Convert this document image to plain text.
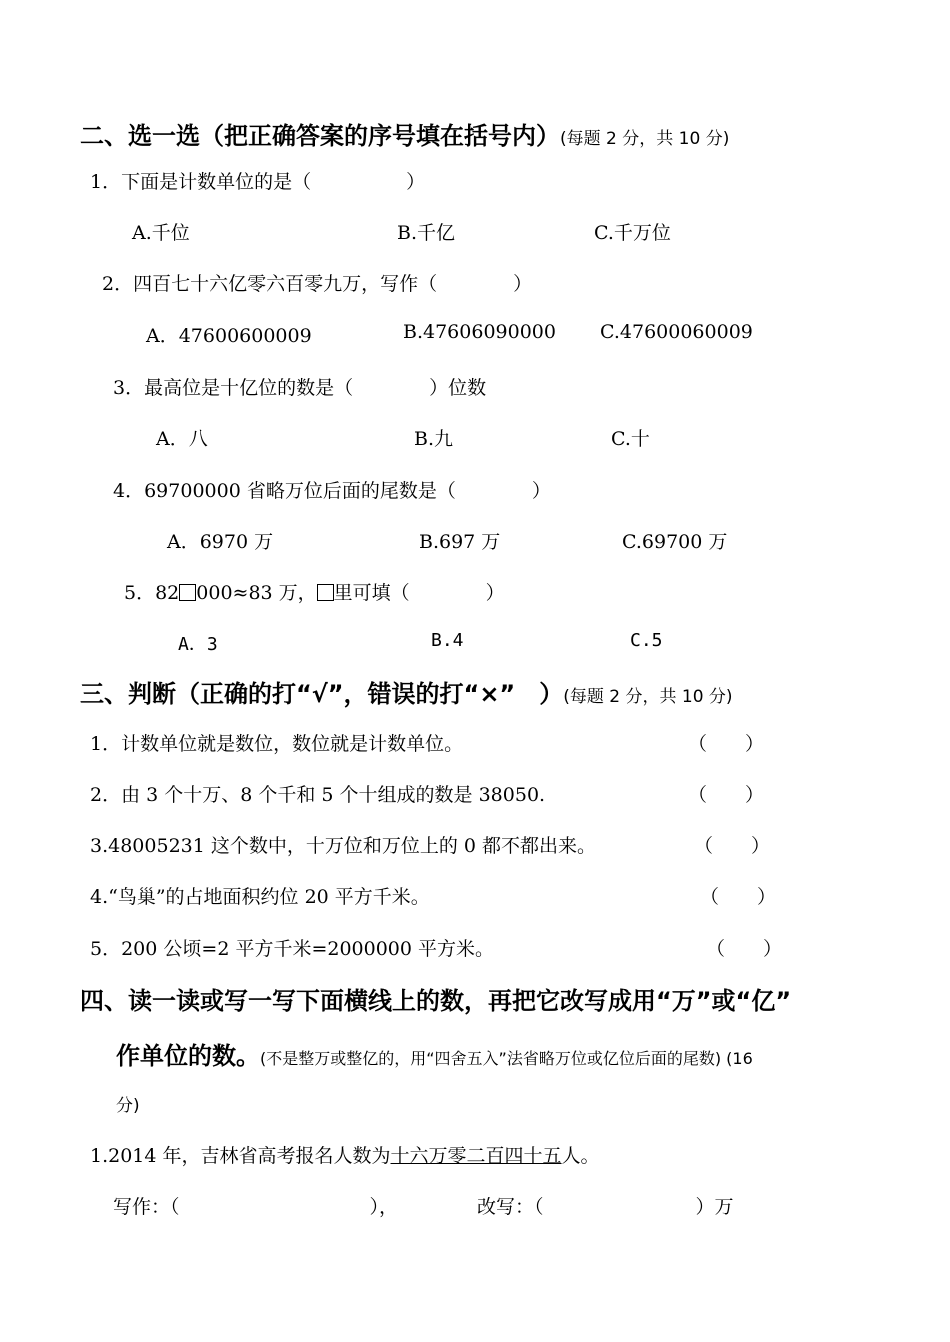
二、选一选（把正确答案的序号填在括号内）(每题 2 分，共 10 分)
1．下面是计数单位的是（　　　　　）
A.千位	B.千亿	C.千万位
2．四百七十六亿零六百零九万，写作（　　　　）
A．47600600009	B.47606090000 C.47600060009
3．最高位是十亿位的数是（　　　　）位数
A．八	B.九	C.十
4．69700000 省略万位后面的尾数是（　　　　）
A．6970 万	B.697 万	C.69700 万
5．82 000≈83 万， 里可填（　　　　）
A．3	B.4	C.5
三、判断（正确的打“√”，错误的打“×”　）(每题 2 分，共 10 分)
1．计数单位就是数位，数位就是计数单位。	（　　）
2．由 3 个十万、8 个千和 5 个十组成的数是 38050.	（　　）
3.48005231 这个数中，十万位和万位上的 0 都不都出来。	（　　）
4.“鸟巢”的占地面积约位 20 平方千米。	（　　）
5．200 公顷=2 平方千米=2000000 平方米。	（　　）
四、读一读或写一写下面横线上的数，再把它改写成用“万”或“亿”
作单位的数。(不是整万或整亿的，用“四舍五入”法省略万位或亿位后面的尾数) (16
分)
1.2014 年，吉林省高考报名人数为十六万零二百四十五人。
写作：（　　　　　　　　　　），	改写：（　　　　　　　　）万
